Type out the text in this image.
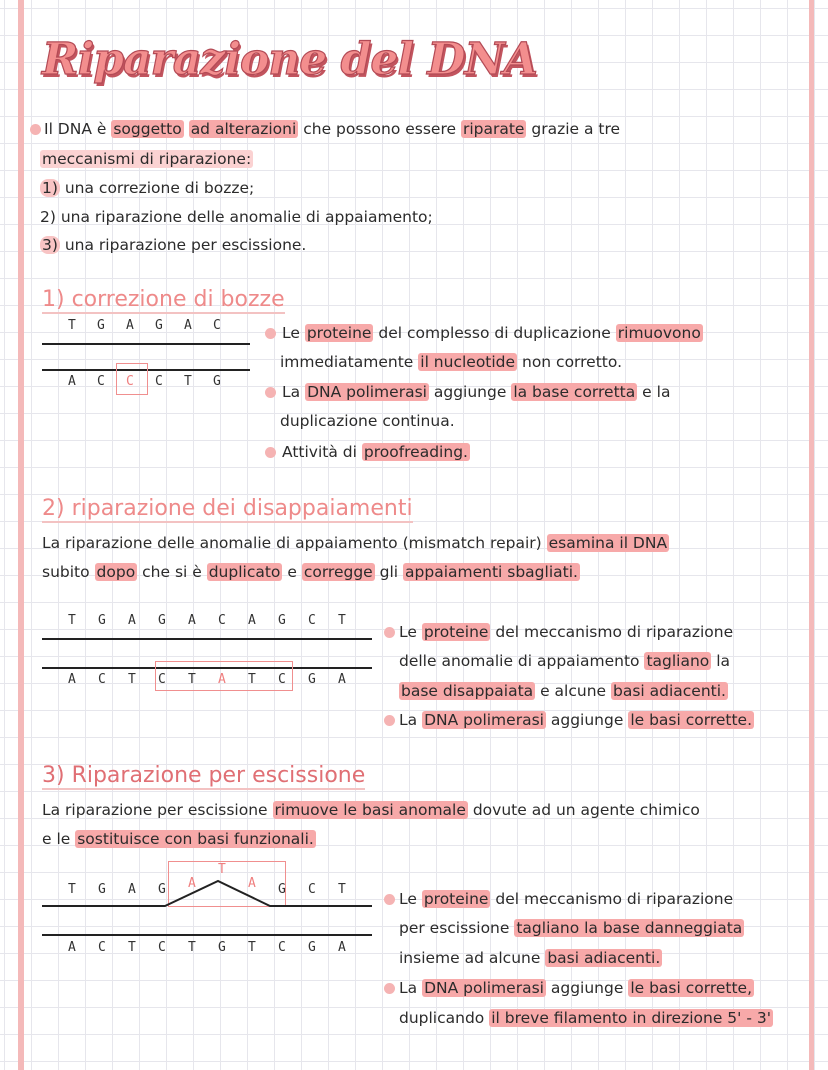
Riparazione del DNA
Il DNA è soggetto ad alterazioni che possono essere riparate grazie a tre
meccanismi di riparazione:
1) una correzione di bozze;
2) una riparazione delle anomalie di appaiamento;
3) una riparazione per escissione.
1) correzione di bozze
T G A G A C
A C C C T G
Le proteine del complesso di duplicazione rimuovono
immediatamente il nucleotide non corretto.
La DNA polimerasi aggiunge la base corretta e la
duplicazione continua.
Attività di proofreading.
2) riparazione dei disappaiamenti
La riparazione delle anomalie di appaiamento (mismatch repair) esamina il DNA
subito dopo che si è duplicato e corregge gli appaiamenti sbagliati.
T G A G A C A G C T
A C T C T A T C G A
Le proteine del meccanismo di riparazione
delle anomalie di appaiamento tagliano la
base disappaiata e alcune basi adiacenti.
La DNA polimerasi aggiunge le basi corrette.
3) Riparazione per escissione
La riparazione per escissione rimuove le basi anomale dovute ad un agente chimico
e le sostituisce con basi funzionali.
T G A G A
T
A G C T
A C T C T G T C G A
Le proteine del meccanismo di riparazione
per escissione tagliano la base danneggiata
insieme ad alcune basi adiacenti.
La DNA polimerasi aggiunge le basi corrette,
duplicando il breve filamento in direzione 5' - 3'
